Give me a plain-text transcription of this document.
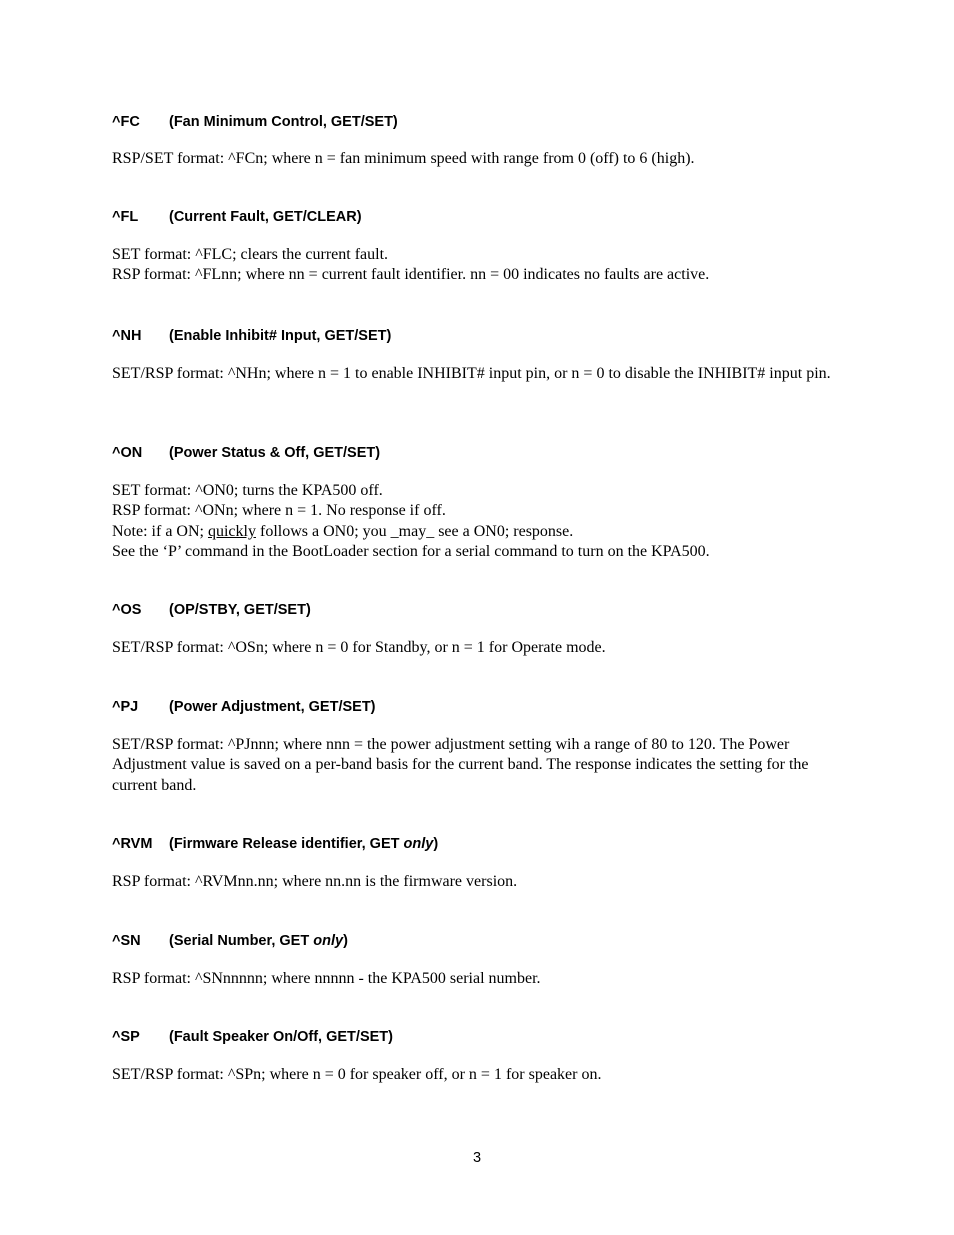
^FC (Fan Minimum Control, GET/SET)
RSP/SET format: ^FCn; where n = fan minimum speed with range from 0 (off) to 6 (high).
^FL (Current Fault, GET/CLEAR)
SET format: ^FLC; clears the current fault.
RSP format: ^FLnn; where nn = current fault identifier. nn = 00 indicates no faults are active.
^NH (Enable Inhibit# Input, GET/SET)
SET/RSP format: ^NHn; where n = 1 to enable INHIBIT# input pin, or n = 0 to disable the INHIBIT# input pin.
^ON (Power Status & Off, GET/SET)
SET format: ^ON0; turns the KPA500 off.
RSP format: ^ONn; where n = 1. No response if off.
Note: if a ON; quickly follows a ON0; you _may_ see a ON0; response.
See the ‘P’ command in the BootLoader section for a serial command to turn on the KPA500.
^OS (OP/STBY, GET/SET)
SET/RSP format: ^OSn; where n = 0 for Standby, or n = 1 for Operate mode.
^PJ (Power Adjustment, GET/SET)
SET/RSP format: ^PJnnn; where nnn = the power adjustment setting wih a range of 80 to 120. The Power Adjustment value is saved on a per-band basis for the current band. The response indicates the setting for the current band.
^RVM (Firmware Release identifier, GET only)
RSP format: ^RVMnn.nn; where nn.nn is the firmware version.
^SN (Serial Number, GET only)
RSP format: ^SNnnnnn; where nnnnn - the KPA500 serial number.
^SP (Fault Speaker On/Off, GET/SET)
SET/RSP format: ^SPn; where n = 0 for speaker off, or n = 1 for speaker on.
3
